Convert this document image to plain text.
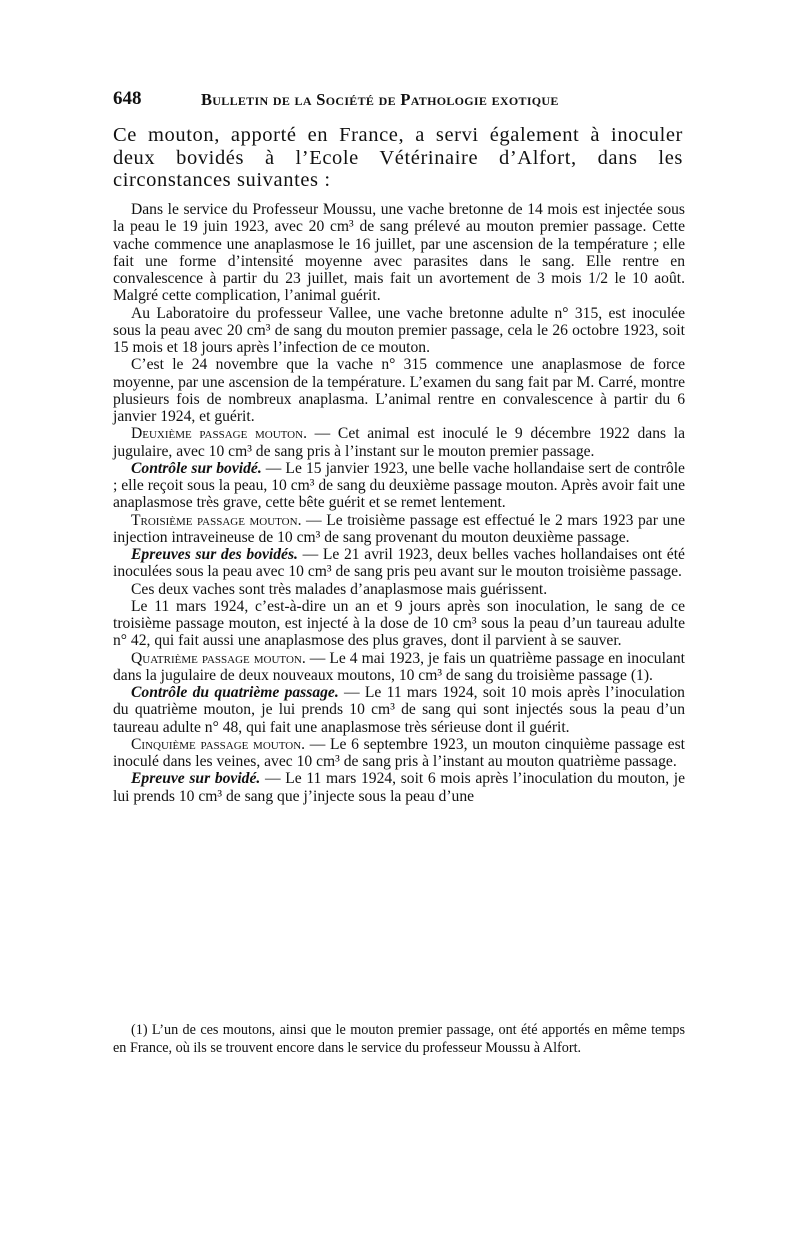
648	Bulletin de la Société de Pathologie exotique
Ce mouton, apporté en France, a servi également à inoculer deux bovidés à l’Ecole Vétérinaire d’Alfort, dans les circonstances suivantes :

Dans le service du Professeur Moussu, une vache bretonne de 14 mois est injectée sous la peau le 19 juin 1923, avec 20 cm³ de sang prélevé au mouton premier passage. Cette vache commence une anaplasmose le 16 juillet, par une ascension de la température ; elle fait une forme d’intensité moyenne avec parasites dans le sang. Elle rentre en convalescence à partir du 23 juillet, mais fait un avortement de 3 mois 1/2 le 10 août. Malgré cette complication, l’animal guérit.

Au Laboratoire du professeur Vallee, une vache bretonne adulte n° 315, est inoculée sous la peau avec 20 cm³ de sang du mouton premier passage, cela le 26 octobre 1923, soit 15 mois et 18 jours après l’infection de ce mouton.

C’est le 24 novembre que la vache n° 315 commence une anaplasmose de force moyenne, par une ascension de la température. L’examen du sang fait par M. Carré, montre plusieurs fois de nombreux anaplasma. L’animal rentre en convalescence à partir du 6 janvier 1924, et guérit.

Deuxième passage mouton. — Cet animal est inoculé le 9 décembre 1922 dans la jugulaire, avec 10 cm³ de sang pris à l’instant sur le mouton premier passage.

Contrôle sur bovidé. — Le 15 janvier 1923, une belle vache hollandaise sert de contrôle ; elle reçoit sous la peau, 10 cm³ de sang du deuxième passage mouton. Après avoir fait une anaplasmose très grave, cette bête guérit et se remet lentement.

Troisième passage mouton. — Le troisième passage est effectué le 2 mars 1923 par une injection intraveineuse de 10 cm³ de sang provenant du mouton deuxième passage.

Epreuves sur des bovidés. — Le 21 avril 1923, deux belles vaches hollandaises ont été inoculées sous la peau avec 10 cm³ de sang pris peu avant sur le mouton troisième passage.

Ces deux vaches sont très malades d’anaplasmose mais guérissent.

Le 11 mars 1924, c’est-à-dire un an et 9 jours après son inoculation, le sang de ce troisième passage mouton, est injecté à la dose de 10 cm³ sous la peau d’un taureau adulte n° 42, qui fait aussi une anaplasmose des plus graves, dont il parvient à se sauver.

Quatrième passage mouton. — Le 4 mai 1923, je fais un quatrième passage en inoculant dans la jugulaire de deux nouveaux moutons, 10 cm³ de sang du troisième passage (1).

Contrôle du quatrième passage. — Le 11 mars 1924, soit 10 mois après l’inoculation du quatrième mouton, je lui prends 10 cm³ de sang qui sont injectés sous la peau d’un taureau adulte n° 48, qui fait une anaplasmose très sérieuse dont il guérit.

Cinquième passage mouton. — Le 6 septembre 1923, un mouton cinquième passage est inoculé dans les veines, avec 10 cm³ de sang pris à l’instant au mouton quatrième passage.

Epreuve sur bovidé. — Le 11 mars 1924, soit 6 mois après l’inoculation du mouton, je lui prends 10 cm³ de sang que j’injecte sous la peau d’une

(1) L’un de ces moutons, ainsi que le mouton premier passage, ont été apportés en même temps en France, où ils se trouvent encore dans le service du professeur Moussu à Alfort.
